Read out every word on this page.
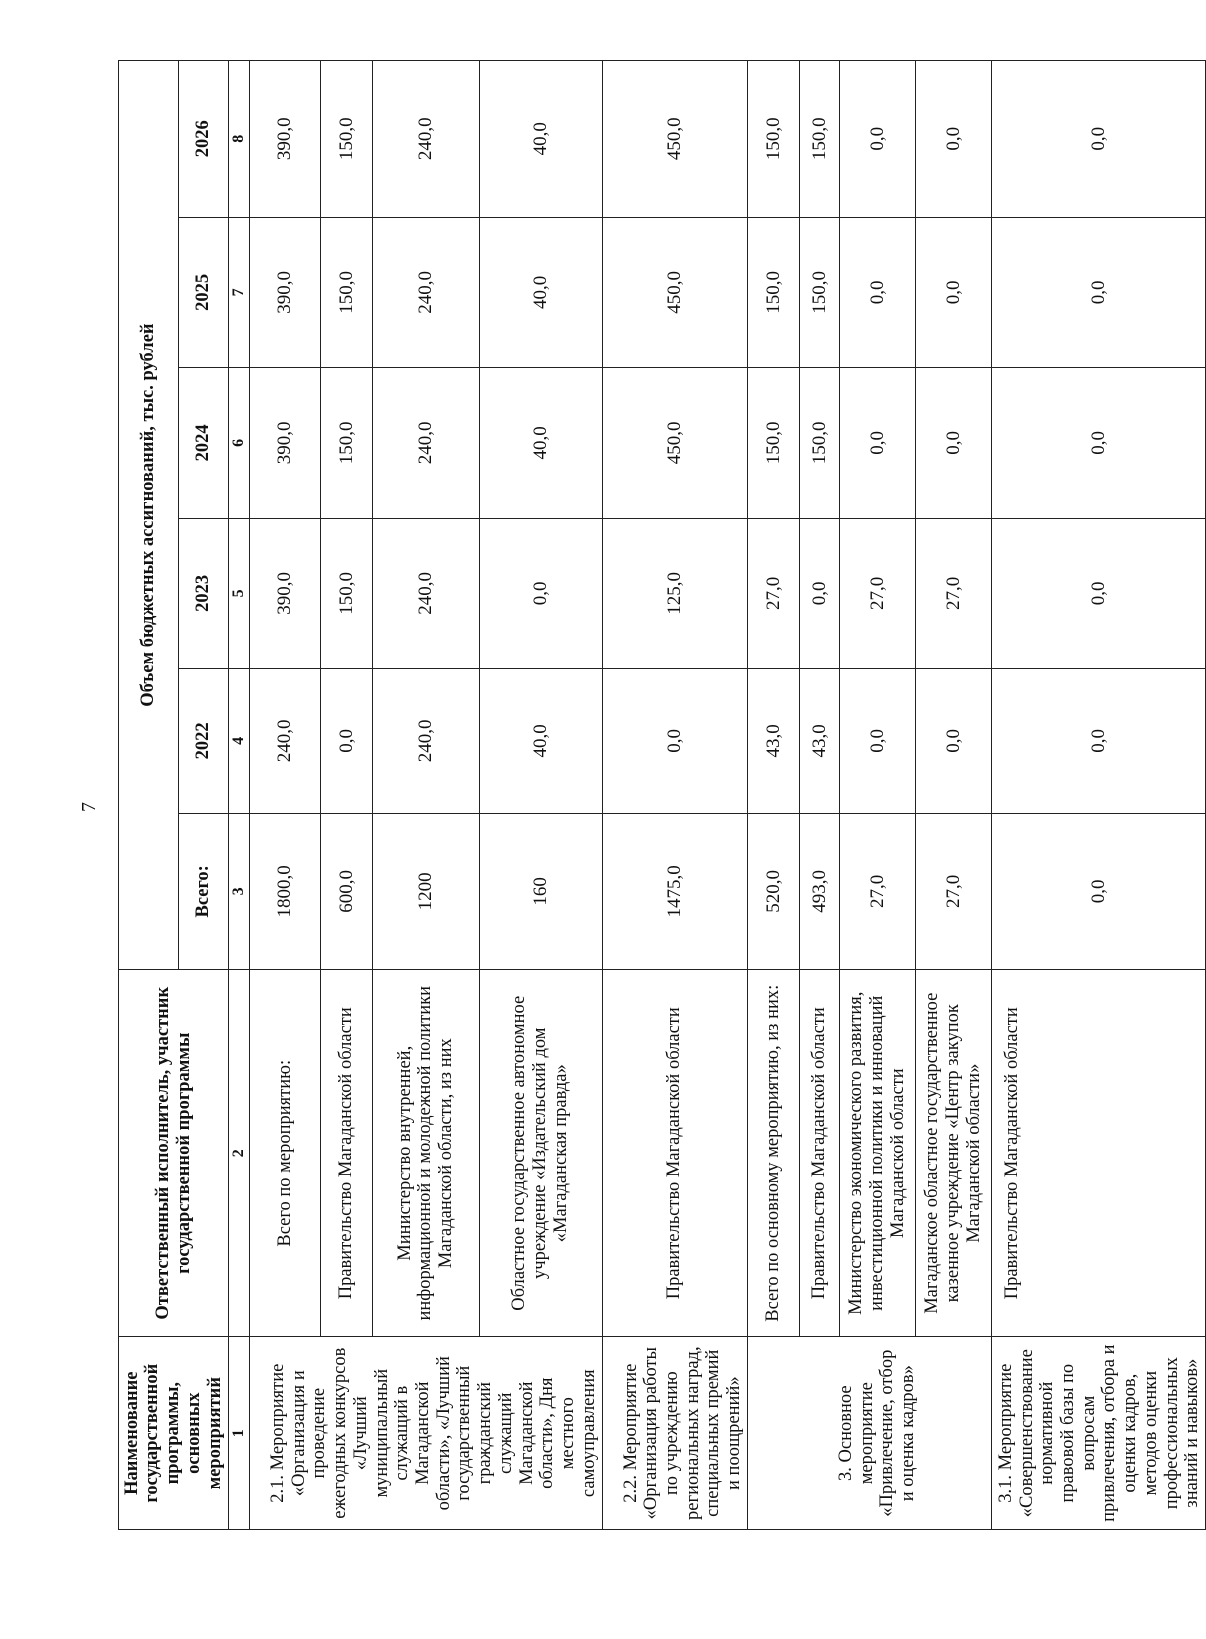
7
Наименование государственной программы, основных мероприятий	Ответственный исполнитель, участник государственной программы	Объем бюджетных ассигнований, тыс. рублей					
		Всего:	2022	2023	2024	2025	2026
1	2	3	4	5	6	7	8
2.1. Мероприятие «Организация и проведение ежегодных конкурсов «Лучший муниципальный служащий в Магаданской области», «Лучший государственный гражданский служащий Магаданской области», Дня местного самоуправления	Всего по мероприятию:	1800,0	240,0	390,0	390,0	390,0	390,0
	Правительство Магаданской области	600,0	0,0	150,0	150,0	150,0	150,0
	Министерство внутренней, информационной и молодежной политики Магаданской области, из них	1200	240,0	240,0	240,0	240,0	240,0
	Областное государственное автономное учреждение «Издательский дом «Магаданская правда»	160	40,0	0,0	40,0	40,0	40,0
2.2. Мероприятие «Организация работы по учреждению региональных наград, специальных премий и поощрений»	Правительство Магаданской области	1475,0	0,0	125,0	450,0	450,0	450,0
3. Основное мероприятие «Привлечение, отбор и оценка кадров»	Всего по основному мероприятию, из них:	520,0	43,0	27,0	150,0	150,0	150,0
	Правительство Магаданской области	493,0	43,0	0,0	150,0	150,0	150,0
	Министерство экономического развития, инвестиционной политики и инноваций Магаданской области	27,0	0,0	27,0	0,0	0,0	0,0
	Магаданское областное государственное казенное учреждение «Центр закупок Магаданской области»	27,0	0,0	27,0	0,0	0,0	0,0
3.1. Мероприятие «Совершенствование нормативной правовой базы по вопросам привлечения, отбора и оценки кадров, методов оценки профессиональных знаний и навыков»	Правительство Магаданской области	0,0	0,0	0,0	0,0	0,0	0,0
